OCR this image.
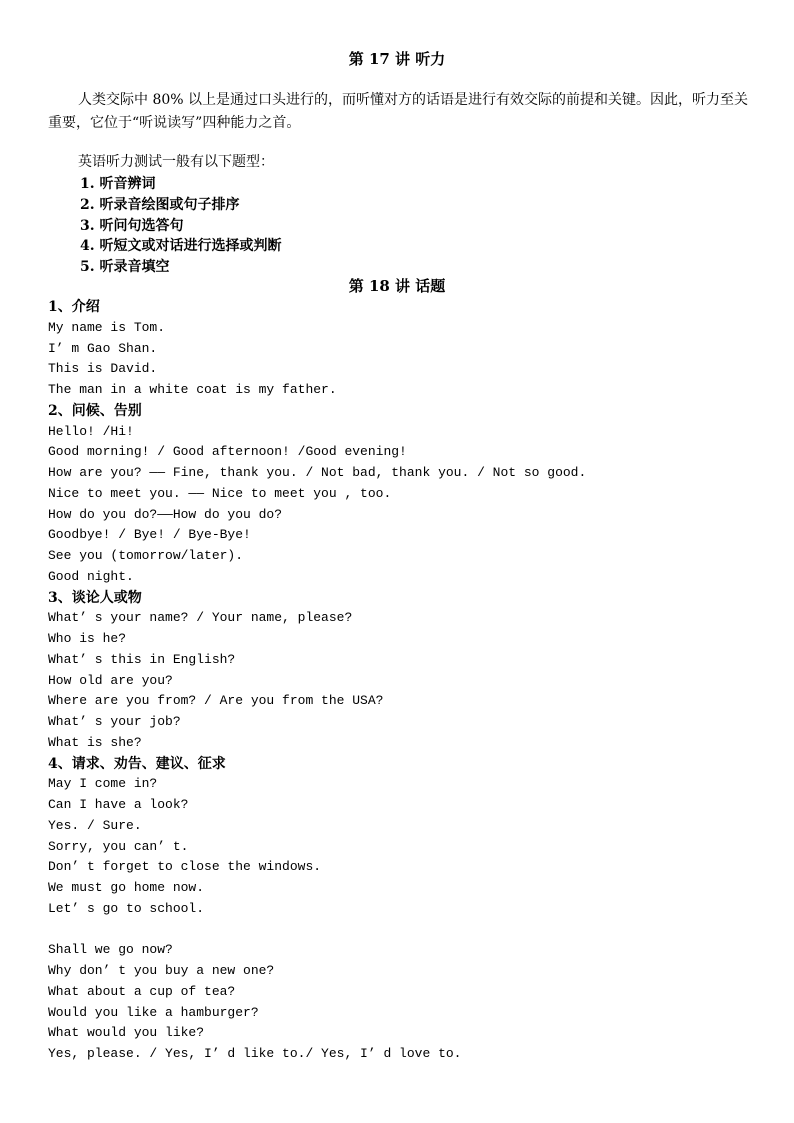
第 17 讲 听力
人类交际中 80% 以上是通过口头进行的，而听懂对方的话语是进行有效交际的前提和关键。因此，听力至关重要，它位于“听说读写”四种能力之首。
英语听力测试一般有以下题型：
1. 听音辨词
2. 听录音绘图或句子排序
3. 听问句选答句
4. 听短文或对话进行选择或判断
5. 听录音填空
第 18 讲 话题
1、介绍
My name is Tom.
I’ m Gao Shan.
This is David.
The man in a white coat is my father.
2、问候、告别
Hello! /Hi!
Good morning! / Good afternoon! /Good evening!
How are you? —— Fine, thank you. / Not bad, thank you. / Not so good.
Nice to meet you. —— Nice to meet you , too.
How do you do?——How do you do?
Goodbye! / Bye! / Bye-Bye!
See you (tomorrow/later).
Good night.
3、谈论人或物
What’ s your name? / Your name, please?
Who is he?
What’ s this in English?
How old are you?
Where are you from? / Are you from the USA?
What’ s your job?
What is she?
4、请求、劝告、建议、征求
May I come in?
Can I have a look?
Yes. / Sure.
Sorry, you can’ t.
Don’ t forget to close the windows.
We must go home now.
Let’ s go to school.
Shall we go now?
Why don’ t you buy a new one?
What about a cup of tea?
Would you like a hamburger?
What would you like?
Yes, please. / Yes, I’ d like to./ Yes, I’ d love to.
